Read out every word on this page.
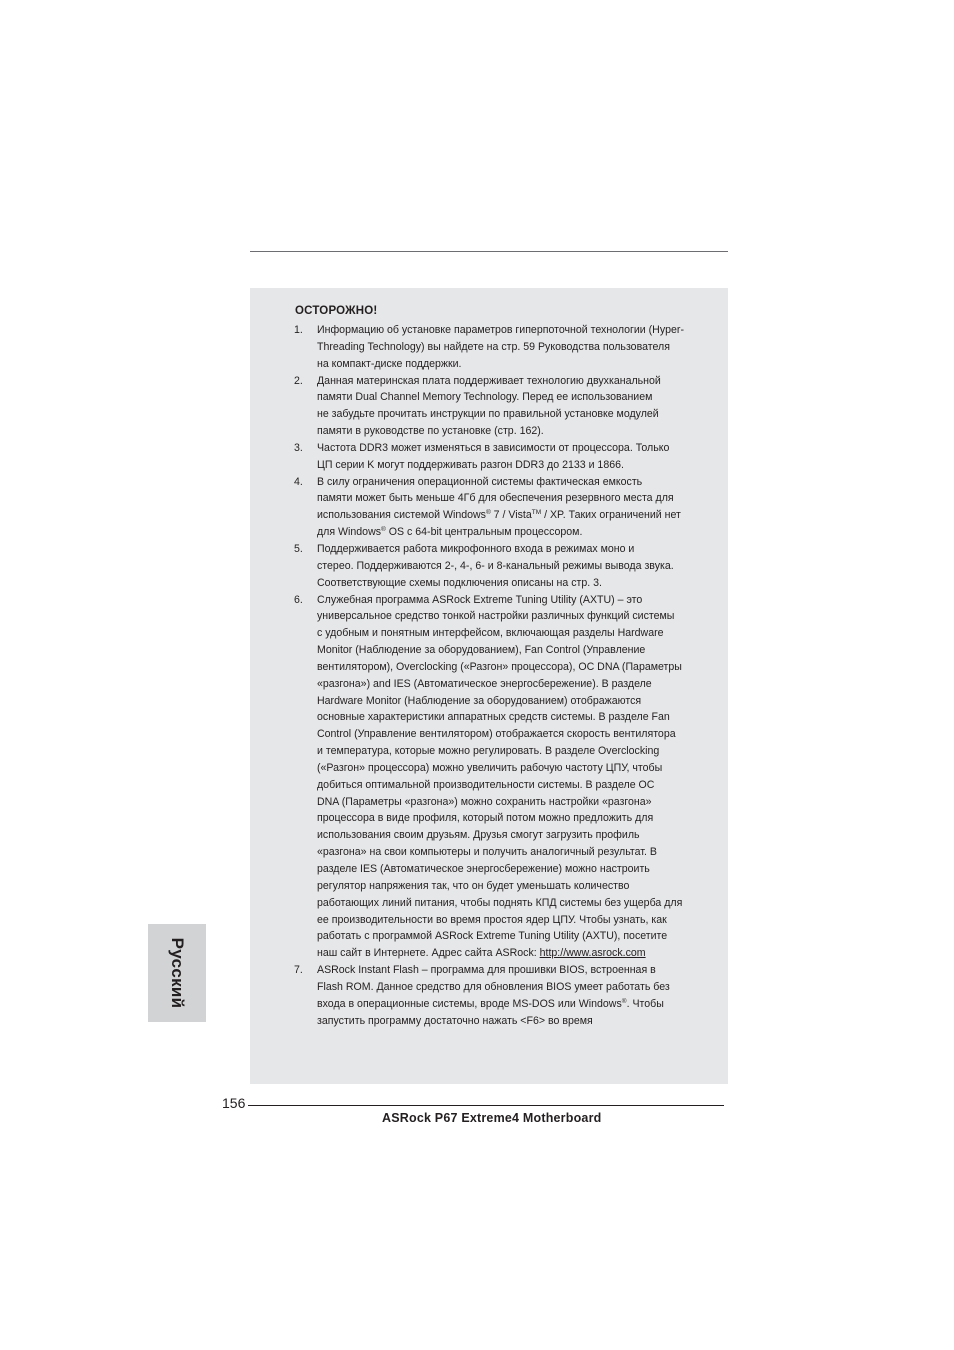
ОСТОРОЖНО!
1. Информацию об установке параметров гиперпоточной технологии (Hyper-
Threading Technology) вы найдете на стр. 59 Руководства пользователя
на компакт-диске поддержки.
2. Данная материнская плата поддерживает технологию двухканальной
памяти Dual Channel Memory Technology. Перед ее использованием
не забудьте прочитать инструкции по правильной установке модулей
памяти в руководстве по установке (стр. 162).
3. Частота DDR3 может изменяться в зависимости от процессора. Только
ЦП серии K могут поддерживать разгон DDR3 до 2133 и 1866.
4. В силу ограничения операционной системы фактическая емкость
памяти может быть меньше 4Гб для обеспечения резервного места для
использования системой Windows® 7 / Vista™ / XP. Таких ограничений нет
для Windows® OS с 64-bit центральным процессором.
5. Поддерживается работа микрофонного входа в режимах моно и
стерео. Поддерживаются 2-, 4-, 6- и 8-канальный режимы вывода звука.
Соответствующие схемы подключения описаны на стр. 3.
6. Служебная программа ASRock Extreme Tuning Utility (AXTU) – это
универсальное средство тонкой настройки различных функций системы
с удобным и понятным интерфейсом, включающая разделы Hardware
Monitor (Наблюдение за оборудованием), Fan Control (Управление
вентилятором), Overclocking («Разгон» процессора), OC DNA (Параметры
«разгона») and IES (Автоматическое энергосбережение). В разделе
Hardware Monitor (Наблюдение за оборудованием) отображаются
основные характеристики аппаратных средств системы. В разделе Fan
Control (Управление вентилятором) отображается скорость вентилятора
и температура, которые можно регулировать. В разделе Overclocking
(«Разгон» процессора) можно увеличить рабочую частоту ЦПУ, чтобы
добиться оптимальной производительности системы. В разделе ОС
DNA (Параметры «разгона») можно сохранить настройки «разгона»
процессора в виде профиля, который потом можно предложить для
использования своим друзьям. Друзья смогут загрузить профиль
«разгона» на свои компьютеры и получить аналогичный результат. В
разделе IES (Автоматическое энергосбережение) можно настроить
регулятор напряжения так, что он будет уменьшать количество
работающих линий питания, чтобы поднять КПД системы без ущерба для
ее производительности во время простоя ядер ЦПУ. Чтобы узнать, как
работать с программой ASRock Extreme Tuning Utility (AXTU), посетите
наш сайт в Интернете. Адрес сайта ASRock: http://www.asrock.com
7. ASRock Instant Flash – программа для прошивки BIOS, встроенная в
Flash ROM. Данное средство для обновления BIOS умеет работать без
входа в операционные системы, вроде MS-DOS или Windows®. Чтобы
запустить программу достаточно нажать <F6> во время
Русский
156
ASRock P67 Extreme4 Motherboard
